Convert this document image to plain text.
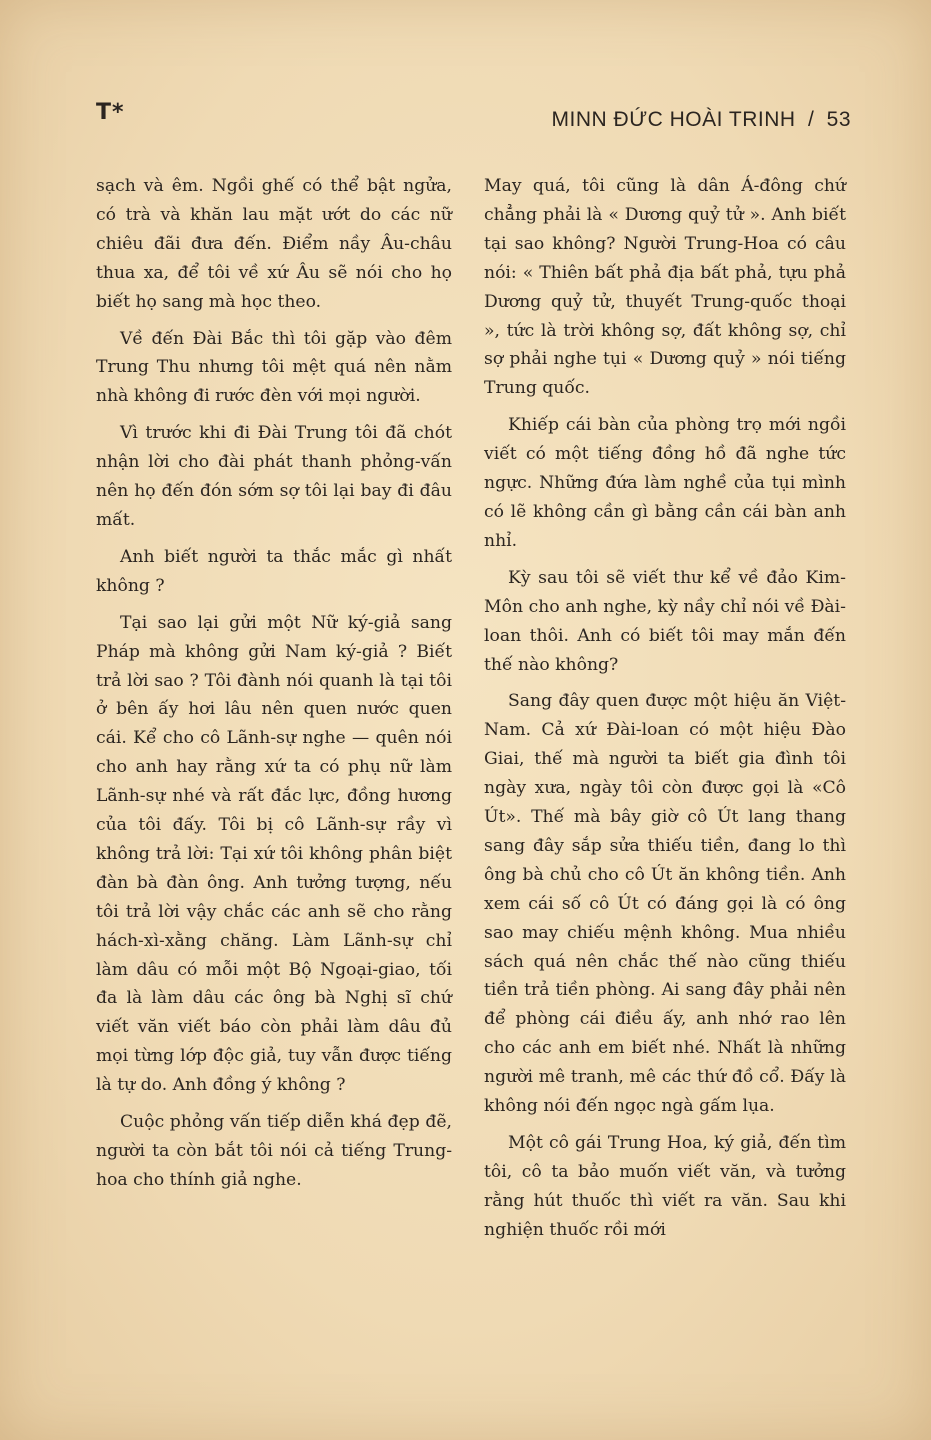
T*	MINN ĐỨC HOÀI TRINH / 53

sạch và êm. Ngồi ghế có thể bật ngửa, có trà và khăn lau mặt ướt do các nữ chiêu đãi đưa đến. Điểm nầy Âu-châu thua xa, để tôi về xứ Âu sẽ nói cho họ biết họ sang mà học theo.

Về đến Đài Bắc thì tôi gặp vào đêm Trung Thu nhưng tôi mệt quá nên nằm nhà không đi rước đèn với mọi người.

Vì trước khi đi Đài Trung tôi đã chót nhận lời cho đài phát thanh phỏng-vấn nên họ đến đón sớm sợ tôi lại bay đi đâu mất.

Anh biết người ta thắc mắc gì nhất không ?

Tại sao lại gửi một Nữ ký-giả sang Pháp mà không gửi Nam ký-giả ? Biết trả lời sao ? Tôi đành nói quanh là tại tôi ở bên ấy hơi lâu nên quen nước quen cái. Kể cho cô Lãnh-sự nghe — quên nói cho anh hay rằng xứ ta có phụ nữ làm Lãnh-sự nhé và rất đắc lực, đồng hương của tôi đấy. Tôi bị cô Lãnh-sự rầy vì không trả lời: Tại xứ tôi không phân biệt đàn bà đàn ông. Anh tưởng tượng, nếu tôi trả lời vậy chắc các anh sẽ cho rằng hách-xì-xằng chăng. Làm Lãnh-sự chỉ làm dâu có mỗi một Bộ Ngoại-giao, tối đa là làm dâu các ông bà Nghị sĩ chứ viết văn viết báo còn phải làm dâu đủ mọi từng lớp độc giả, tuy vẫn được tiếng là tự do. Anh đồng ý không ?

Cuộc phỏng vấn tiếp diễn khá đẹp đẽ, người ta còn bắt tôi nói cả tiếng Trung-hoa cho thính giả nghe.

May quá, tôi cũng là dân Á-đông chứ chẳng phải là « Dương quỷ tử ». Anh biết tại sao không? Người Trung-Hoa có câu nói: « Thiên bất phả địa bất phả, tựu phả Dương quỷ tử, thuyết Trung-quốc thoại », tức là trời không sợ, đất không sợ, chỉ sợ phải nghe tụi « Dương quỷ » nói tiếng Trung quốc.

Khiếp cái bàn của phòng trọ mới ngồi viết có một tiếng đồng hồ đã nghe tức ngực. Những đứa làm nghề của tụi mình có lẽ không cần gì bằng cần cái bàn anh nhỉ.

Kỳ sau tôi sẽ viết thư kể về đảo Kim-Môn cho anh nghe, kỳ nầy chỉ nói về Đài-loan thôi. Anh có biết tôi may mắn đến thế nào không?

Sang đây quen được một hiệu ăn Việt-Nam. Cả xứ Đài-loan có một hiệu Đào Giai, thế mà người ta biết gia đình tôi ngày xưa, ngày tôi còn được gọi là «Cô Út». Thế mà bây giờ cô Út lang thang sang đây sắp sửa thiếu tiền, đang lo thì ông bà chủ cho cô Út ăn không tiền. Anh xem cái số cô Út có đáng gọi là có ông sao may chiếu mệnh không. Mua nhiều sách quá nên chắc thế nào cũng thiếu tiền trả tiền phòng. Ai sang đây phải nên để phòng cái điều ấy, anh nhớ rao lên cho các anh em biết nhé. Nhất là những người mê tranh, mê các thứ đồ cổ. Đấy là không nói đến ngọc ngà gấm lụa.

Một cô gái Trung Hoa, ký giả, đến tìm tôi, cô ta bảo muốn viết văn, và tưởng rằng hút thuốc thì viết ra văn. Sau khi nghiện thuốc rồi mới
